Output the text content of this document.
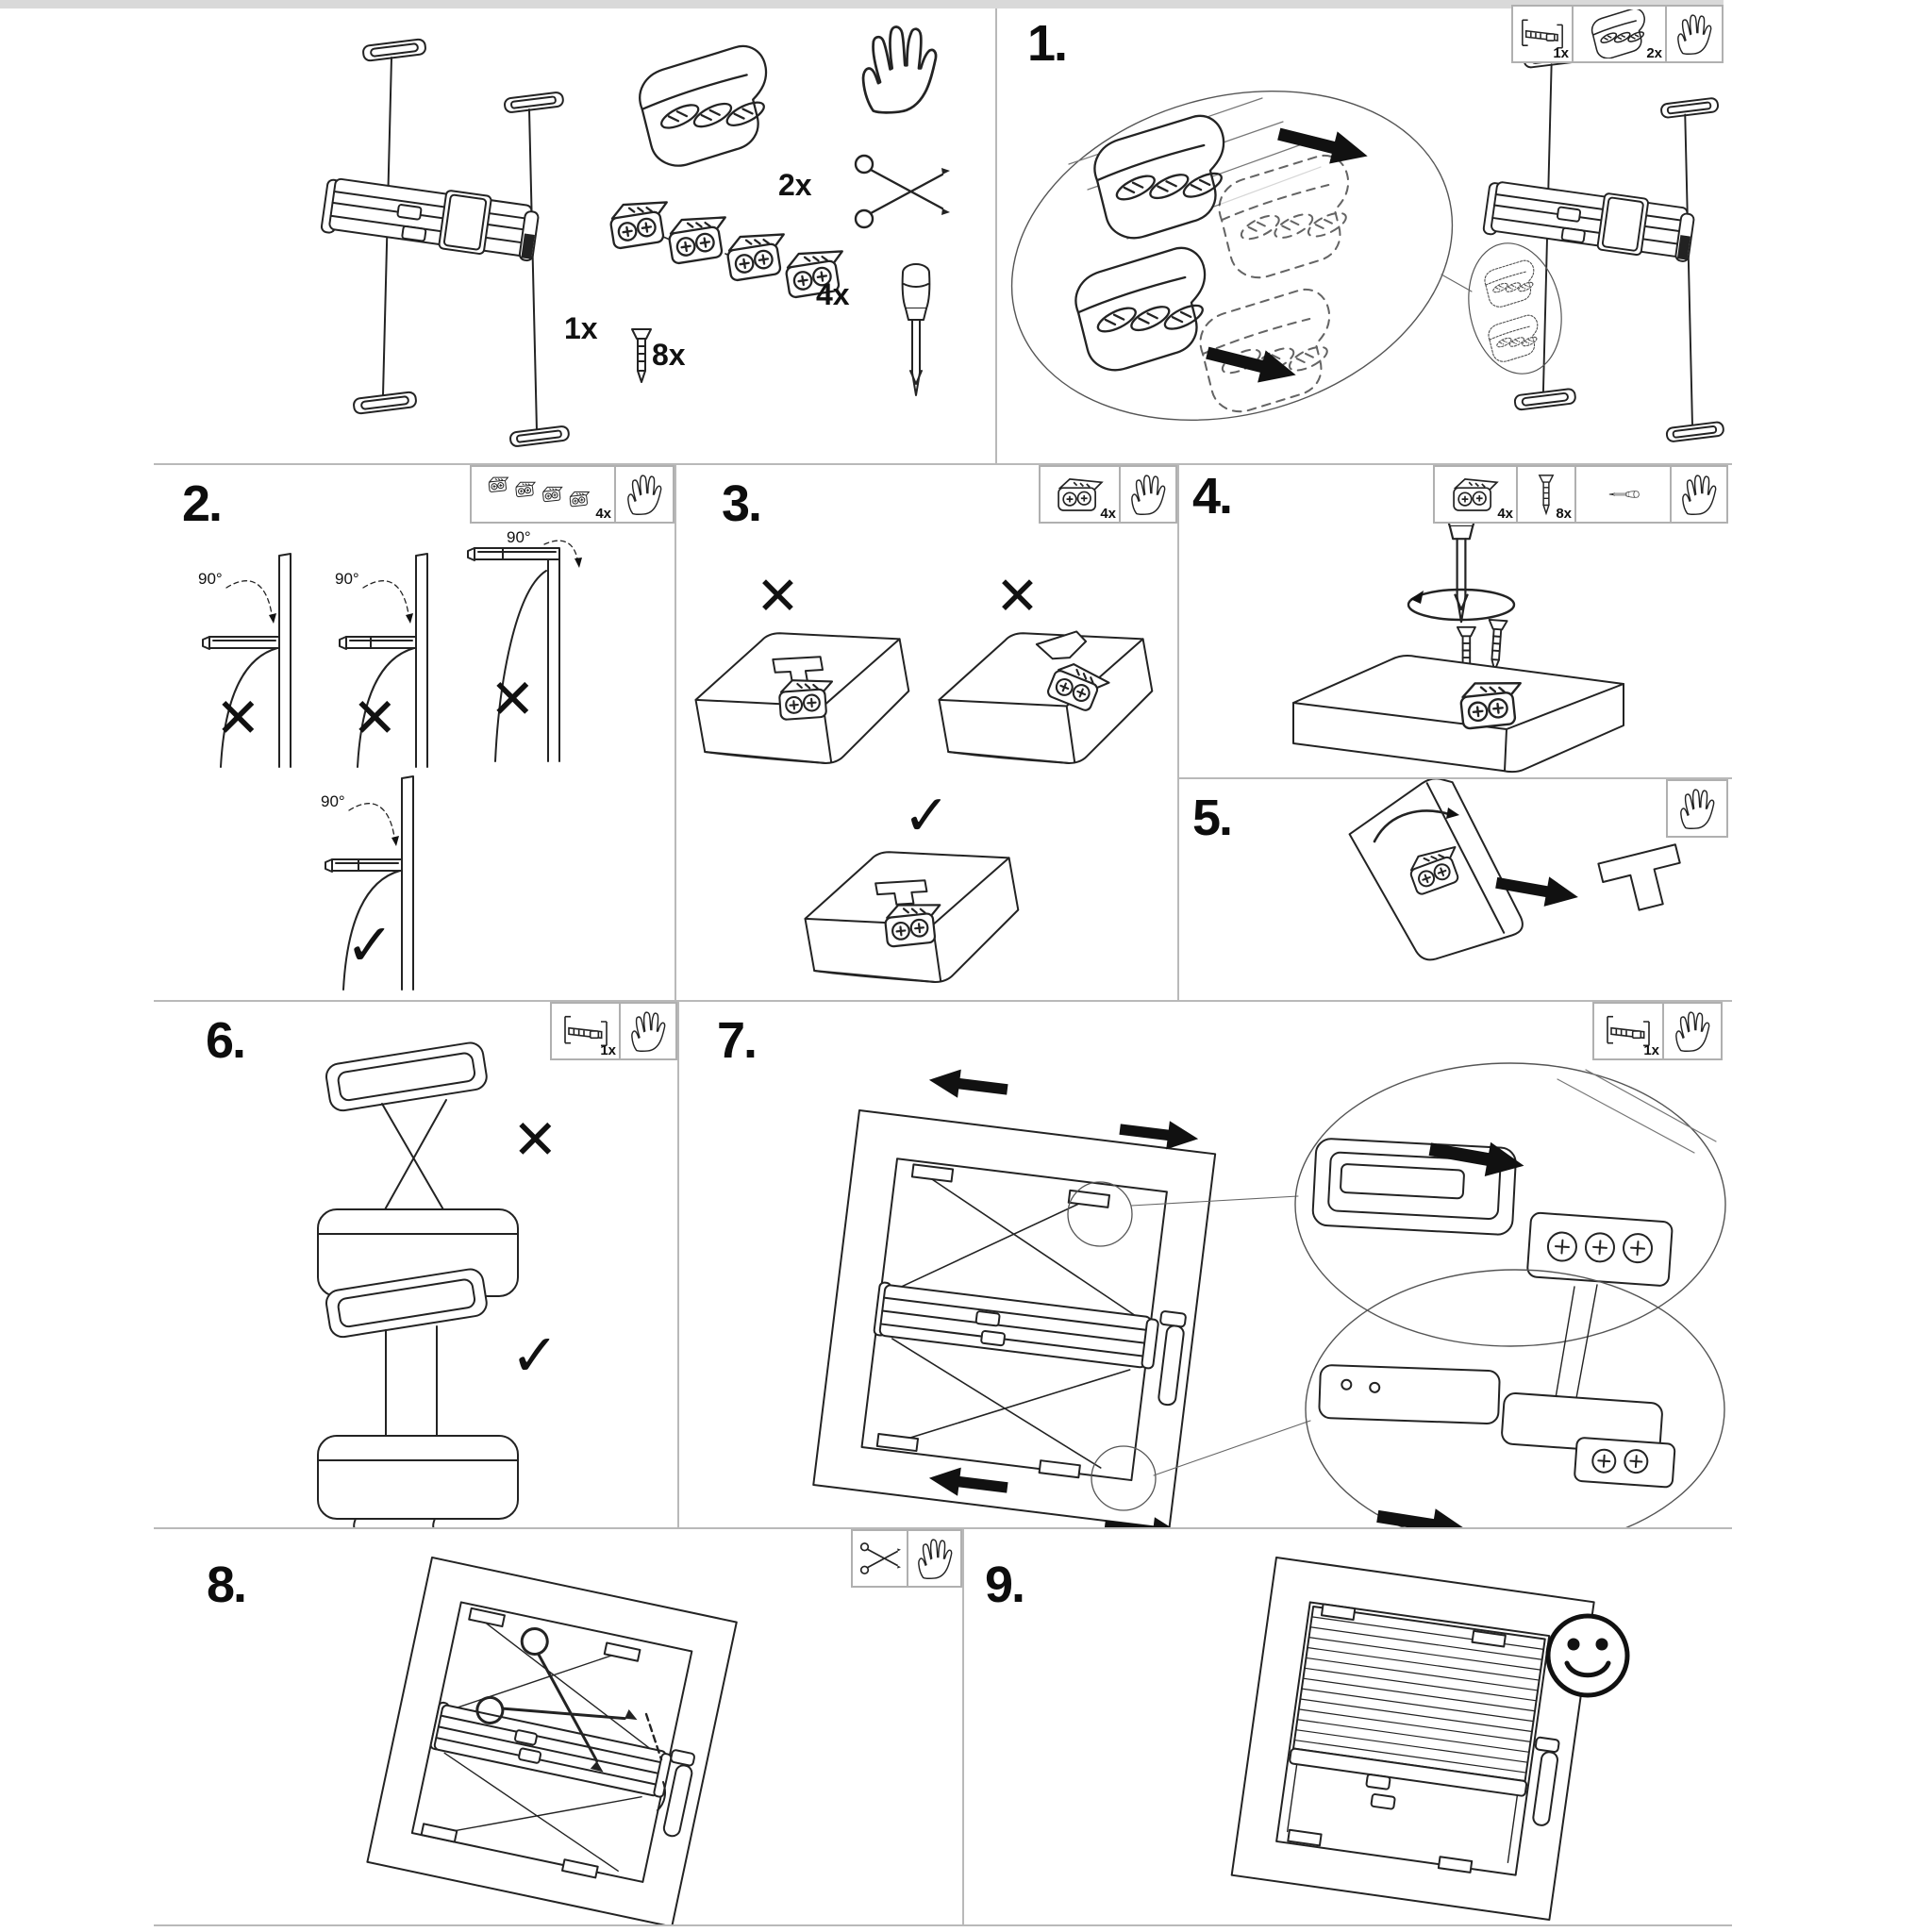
1x
2x
4x
8x
1.	1x	2x
2.	4x
90°
✕
90°
✕
90°
✕
90°
✓
3.	4x
✕	✕
✓
4.	4x	8x
5.
6.	1x
✕
✓
7.	1x
8.	9.
